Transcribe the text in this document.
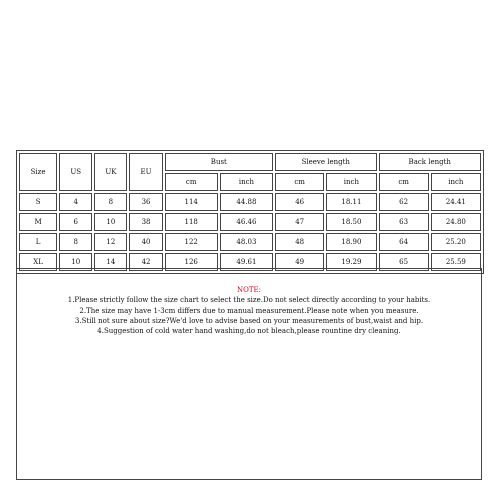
Size	US	UK	EU	Bust		Sleeve length		Back length	
				cm	inch	cm	inch	cm	inch
S	4	8	36	114	44.88	46	18.11	62	24.41
M	6	10	38	118	46.46	47	18.50	63	24.80
L	8	12	40	122	48.03	48	18.90	64	25.20
XL	10	14	42	126	49.61	49	19.29	65	25.59
NOTE:
1.Please strictly follow the size chart to select the size.Do not select directly according to your habits.
2.The size may have 1-3cm differs due to manual measurement.Please note when you measure.
3.Still not sure about size?We'd love to advise based on your measurements of bust,waist and hip.
4.Suggestion of cold water hand washing,do not bleach,please rountine dry cleaning.
